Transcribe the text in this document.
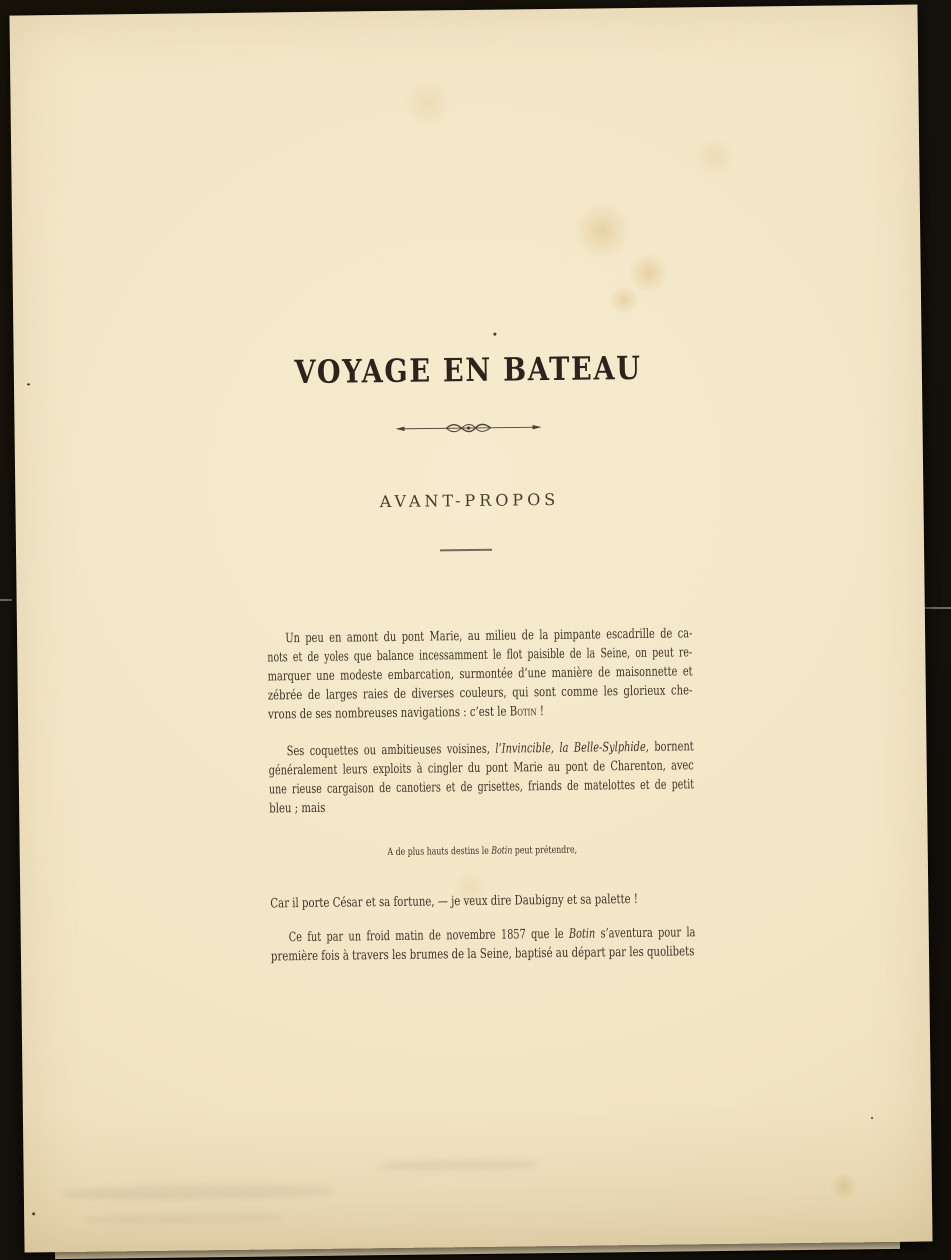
VOYAGE EN BATEAU
AVANT-PROPOS
Un peu en amont du pont Marie, au milieu de la pimpante escadrille de ca-
nots et de yoles que balance incessamment le flot paisible de la Seine, on peut re-
marquer une modeste embarcation, surmontée d’une manière de maisonnette et
zébrée de larges raies de diverses couleurs, qui sont comme les glorieux che-
vrons de ses nombreuses navigations : c’est le Botin !
Ses coquettes ou ambitieuses voisines, l’Invincible, la Belle-Sylphide, bornent
généralement leurs exploits à cingler du pont Marie au pont de Charenton, avec
une rieuse cargaison de canotiers et de grisettes, friands de matelottes et de petit
bleu ; mais
A de plus hauts destins le Botin peut prétendre,
Car il porte César et sa fortune, — je veux dire Daubigny et sa palette !
Ce fut par un froid matin de novembre 1857 que le Botin s’aventura pour la
première fois à travers les brumes de la Seine, baptisé au départ par les quolibets
